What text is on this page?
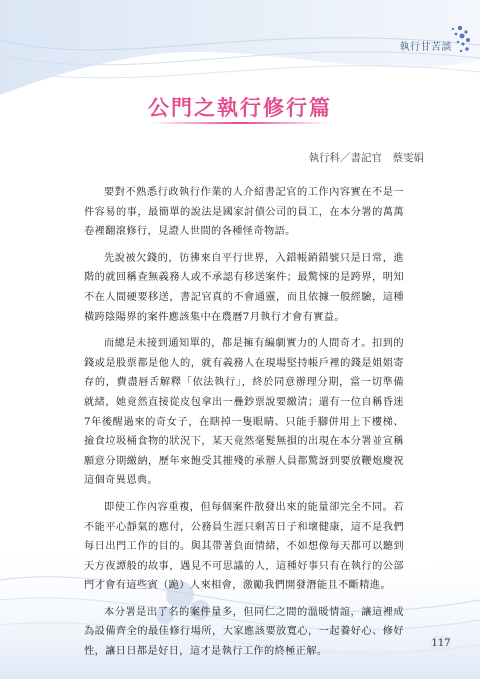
執行甘苦談
公門之執行修行篇
執行科／書記官　蔡雯娟

要對不熟悉行政執行作業的人介紹書記官的工作內容實在不是一件容易的事，最簡單的說法是國家討債公司的員工，在本分署的萬萬卷裡翻滾修行，見證人世間的各種怪奇物語。

先說被欠錢的，彷彿來自平行世界，入錯帳銷錯號只是日常，進階的就回稱查無義務人或不承認有移送案件；最驚悚的是跨界，明知不在人間硬要移送，書記官真的不會通靈，而且依據一般經驗，這種橫跨陰陽界的案件應該集中在農曆7月執行才會有實益。

而總是未接到通知單的，都是擁有編劇實力的人間奇才。扣到的錢或是股票都是他人的，就有義務人在現場堅持帳戶裡的錢是姐姐寄存的，費盡唇舌解釋「依法執行」，終於同意辦理分期，當一切準備就緒，她竟然直接從皮包拿出一疊鈔票說要繳清；還有一位自稱昏迷7年後醒過來的奇女子，在瞎掉一隻眼睛、只能手腳併用上下樓梯、撿食垃圾桶食物的狀況下，某天竟然毫髮無損的出現在本分署並宣稱願意分期繳納，歷年來飽受其摧殘的承辦人員都驚訝到要放鞭炮慶祝這個奇異恩典。

即使工作內容重複，但每個案件散發出來的能量卻完全不同。若不能平心靜氣的應付，公務員生涯只剩苦日子和壞健康，這不是我們每日出門工作的目的。與其帶著負面情緒，不如想像每天都可以聽到天方夜譚般的故事，遇見不可思議的人，這種好事只有在執行的公部門才會有這些賓（跪）人來相會，激勵我們開發潛能且不斷精進。

本分署是出了名的案件量多，但同仁之間的溫暖情誼，讓這裡成為設備齊全的最佳修行場所，大家應該要放寬心，一起養好心、修好性，讓日日都是好日，這才是執行工作的終極正解。

117
